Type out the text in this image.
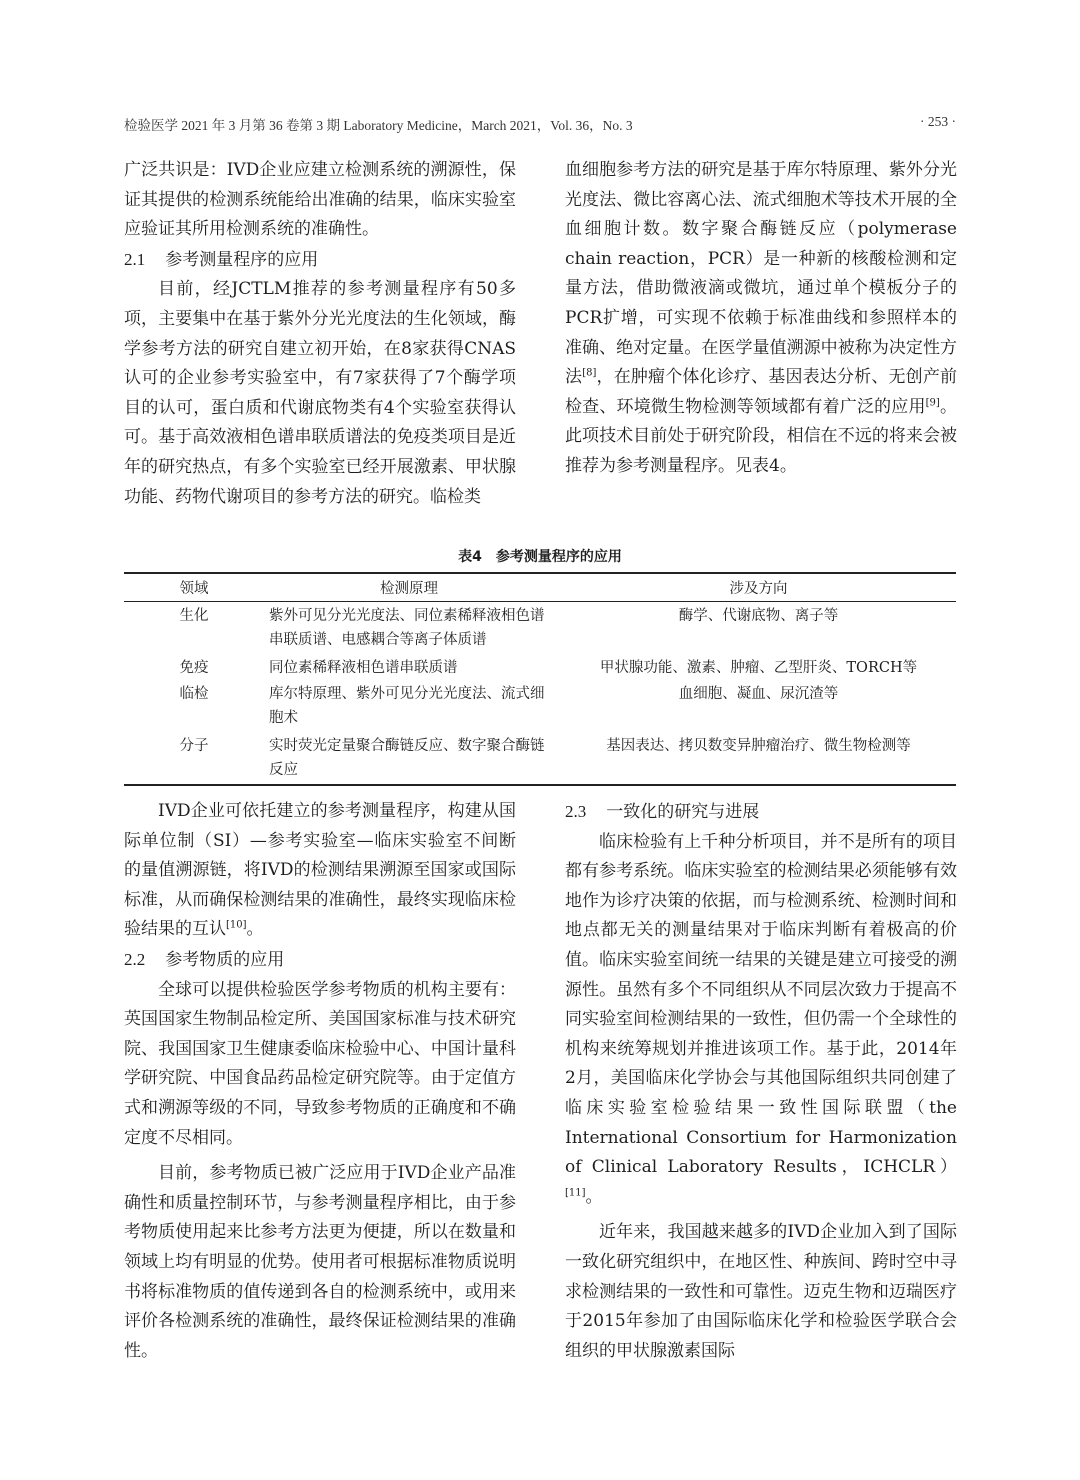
检验医学 2021 年 3 月第 36 卷第 3 期 Laboratory Medicine，March 2021，Vol. 36，No. 3	· 253 ·

广泛共识是：IVD企业应建立检测系统的溯源性，保证其提供的检测系统能给出准确的结果，临床实验室应验证其所用检测系统的准确性。

2.1 参考测量程序的应用

目前，经JCTLM推荐的参考测量程序有50多项，主要集中在基于紫外分光光度法的生化领域，酶学参考方法的研究自建立初开始，在8家获得CNAS认可的企业参考实验室中，有7家获得了7个酶学项目的认可，蛋白质和代谢底物类有4个实验室获得认可。基于高效液相色谱串联质谱法的免疫类项目是近年的研究热点，有多个实验室已经开展激素、甲状腺功能、药物代谢项目的参考方法的研究。临检类

血细胞参考方法的研究是基于库尔特原理、紫外分光光度法、微比容离心法、流式细胞术等技术开展的全血细胞计数。数字聚合酶链反应（polymerase chain reaction，PCR）是一种新的核酸检测和定量方法，借助微液滴或微坑，通过单个模板分子的PCR扩增，可实现不依赖于标准曲线和参照样本的准确、绝对定量。在医学量值溯源中被称为决定性方法[8]，在肿瘤个体化诊疗、基因表达分析、无创产前检查、环境微生物检测等领域都有着广泛的应用[9]。此项技术目前处于研究阶段，相信在不远的将来会被推荐为参考测量程序。见表4。

表4　参考测量程序的应用
领域	检测原理	涉及方向
生化	紫外可见分光光度法、同位素稀释液相色谱串联质谱、电感耦合等离子体质谱	酶学、代谢底物、离子等
免疫	同位素稀释液相色谱串联质谱	甲状腺功能、激素、肿瘤、乙型肝炎、TORCH等
临检	库尔特原理、紫外可见分光光度法、流式细胞术	血细胞、凝血、尿沉渣等
分子	实时荧光定量聚合酶链反应、数字聚合酶链反应	基因表达、拷贝数变异肿瘤治疗、微生物检测等

IVD企业可依托建立的参考测量程序，构建从国际单位制（SI）—参考实验室—临床实验室不间断的量值溯源链，将IVD的检测结果溯源至国家或国际标准，从而确保检测结果的准确性，最终实现临床检验结果的互认[10]。

2.2 参考物质的应用

全球可以提供检验医学参考物质的机构主要有：英国国家生物制品检定所、美国国家标准与技术研究院、我国国家卫生健康委临床检验中心、中国计量科学研究院、中国食品药品检定研究院等。由于定值方式和溯源等级的不同，导致参考物质的正确度和不确定度不尽相同。

目前，参考物质已被广泛应用于IVD企业产品准确性和质量控制环节，与参考测量程序相比，由于参考物质使用起来比参考方法更为便捷，所以在数量和领域上均有明显的优势。使用者可根据标准物质说明书将标准物质的值传递到各自的检测系统中，或用来评价各检测系统的准确性，最终保证检测结果的准确性。

2.3 一致化的研究与进展

临床检验有上千种分析项目，并不是所有的项目都有参考系统。临床实验室的检测结果必须能够有效地作为诊疗决策的依据，而与检测系统、检测时间和地点都无关的测量结果对于临床判断有着极高的价值。临床实验室间统一结果的关键是建立可接受的溯源性。虽然有多个不同组织从不同层次致力于提高不同实验室间检测结果的一致性，但仍需一个全球性的机构来统筹规划并推进该项工作。基于此，2014年2月，美国临床化学协会与其他国际组织共同创建了临床实验室检验结果一致性国际联盟（the International Consortium for Harmonization of Clinical Laboratory Results，ICHCLR）[11]。

近年来，我国越来越多的IVD企业加入到了国际一致化研究组织中，在地区性、种族间、跨时空中寻求检测结果的一致性和可靠性。迈克生物和迈瑞医疗于2015年参加了由国际临床化学和检验医学联合会组织的甲状腺激素国际
